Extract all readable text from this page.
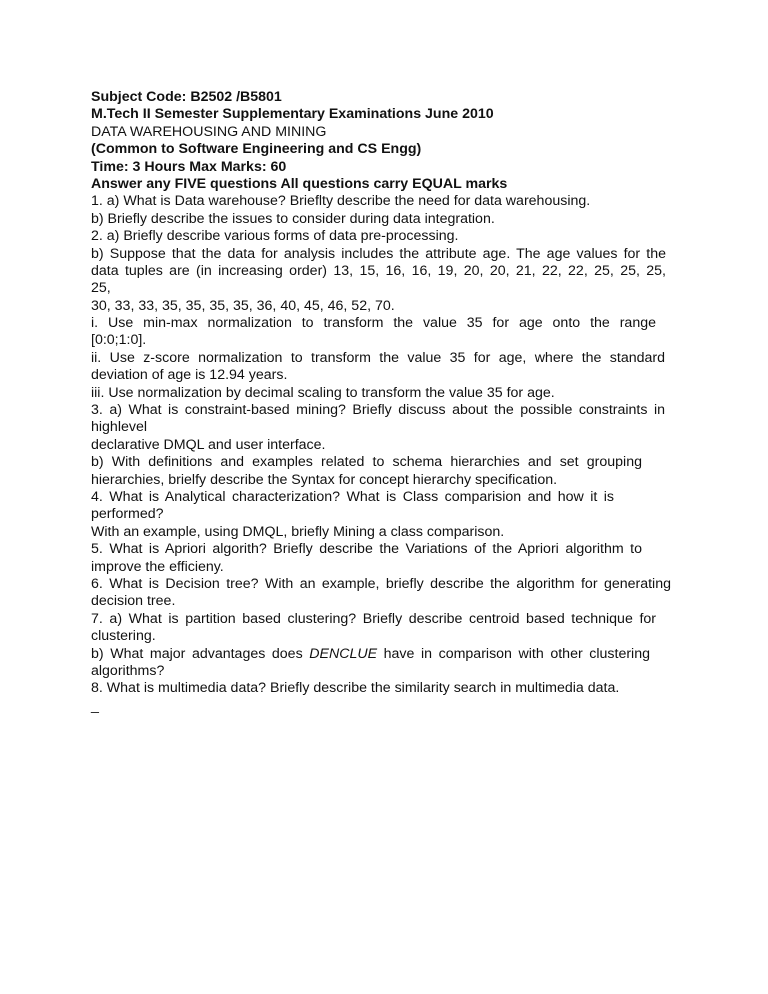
Subject Code: B2502 /B5801
M.Tech II Semester Supplementary Examinations June 2010
DATA WAREHOUSING AND MINING
(Common to Software Engineering and CS Engg)
Time: 3 Hours Max Marks: 60
Answer any FIVE questions All questions carry EQUAL marks
1. a) What is Data warehouse? Brieflty describe the need for data warehousing.
b) Briefly describe the issues to consider during data integration.
2. a) Briefly describe various forms of data pre-processing.
b) Suppose that the data for analysis includes the attribute age. The age values for the
data tuples are (in increasing order) 13, 15, 16, 16, 19, 20, 20, 21, 22, 22, 25, 25, 25,
25,
30, 33, 33, 35, 35, 35, 35, 36, 40, 45, 46, 52, 70.
i. Use min-max normalization to transform the value 35 for age onto the range
[0:0;1:0].
ii. Use z-score normalization to transform the value 35 for age, where the standard
deviation of age is 12.94 years.
iii. Use normalization by decimal scaling to transform the value 35 for age.
3. a) What is constraint-based mining? Briefly discuss about the possible constraints in
highlevel
declarative DMQL and user interface.
b) With definitions and examples related to schema hierarchies and set grouping
hierarchies, brielfy describe the Syntax for concept hierarchy specification.
4. What is Analytical characterization? What is Class comparision and how it is
performed?
With an example, using DMQL, briefly Mining a class comparison.
5. What is Apriori algorith? Briefly describe the Variations of the Apriori algorithm to
improve the efficieny.
6. What is Decision tree? With an example, briefly describe the algorithm for generating
decision tree.
7. a) What is partition based clustering? Briefly describe centroid based technique for
clustering.
b) What major advantages does DENCLUE have in comparison with other clustering
algorithms?
8. What is multimedia data? Briefly describe the similarity search in multimedia data.
_
